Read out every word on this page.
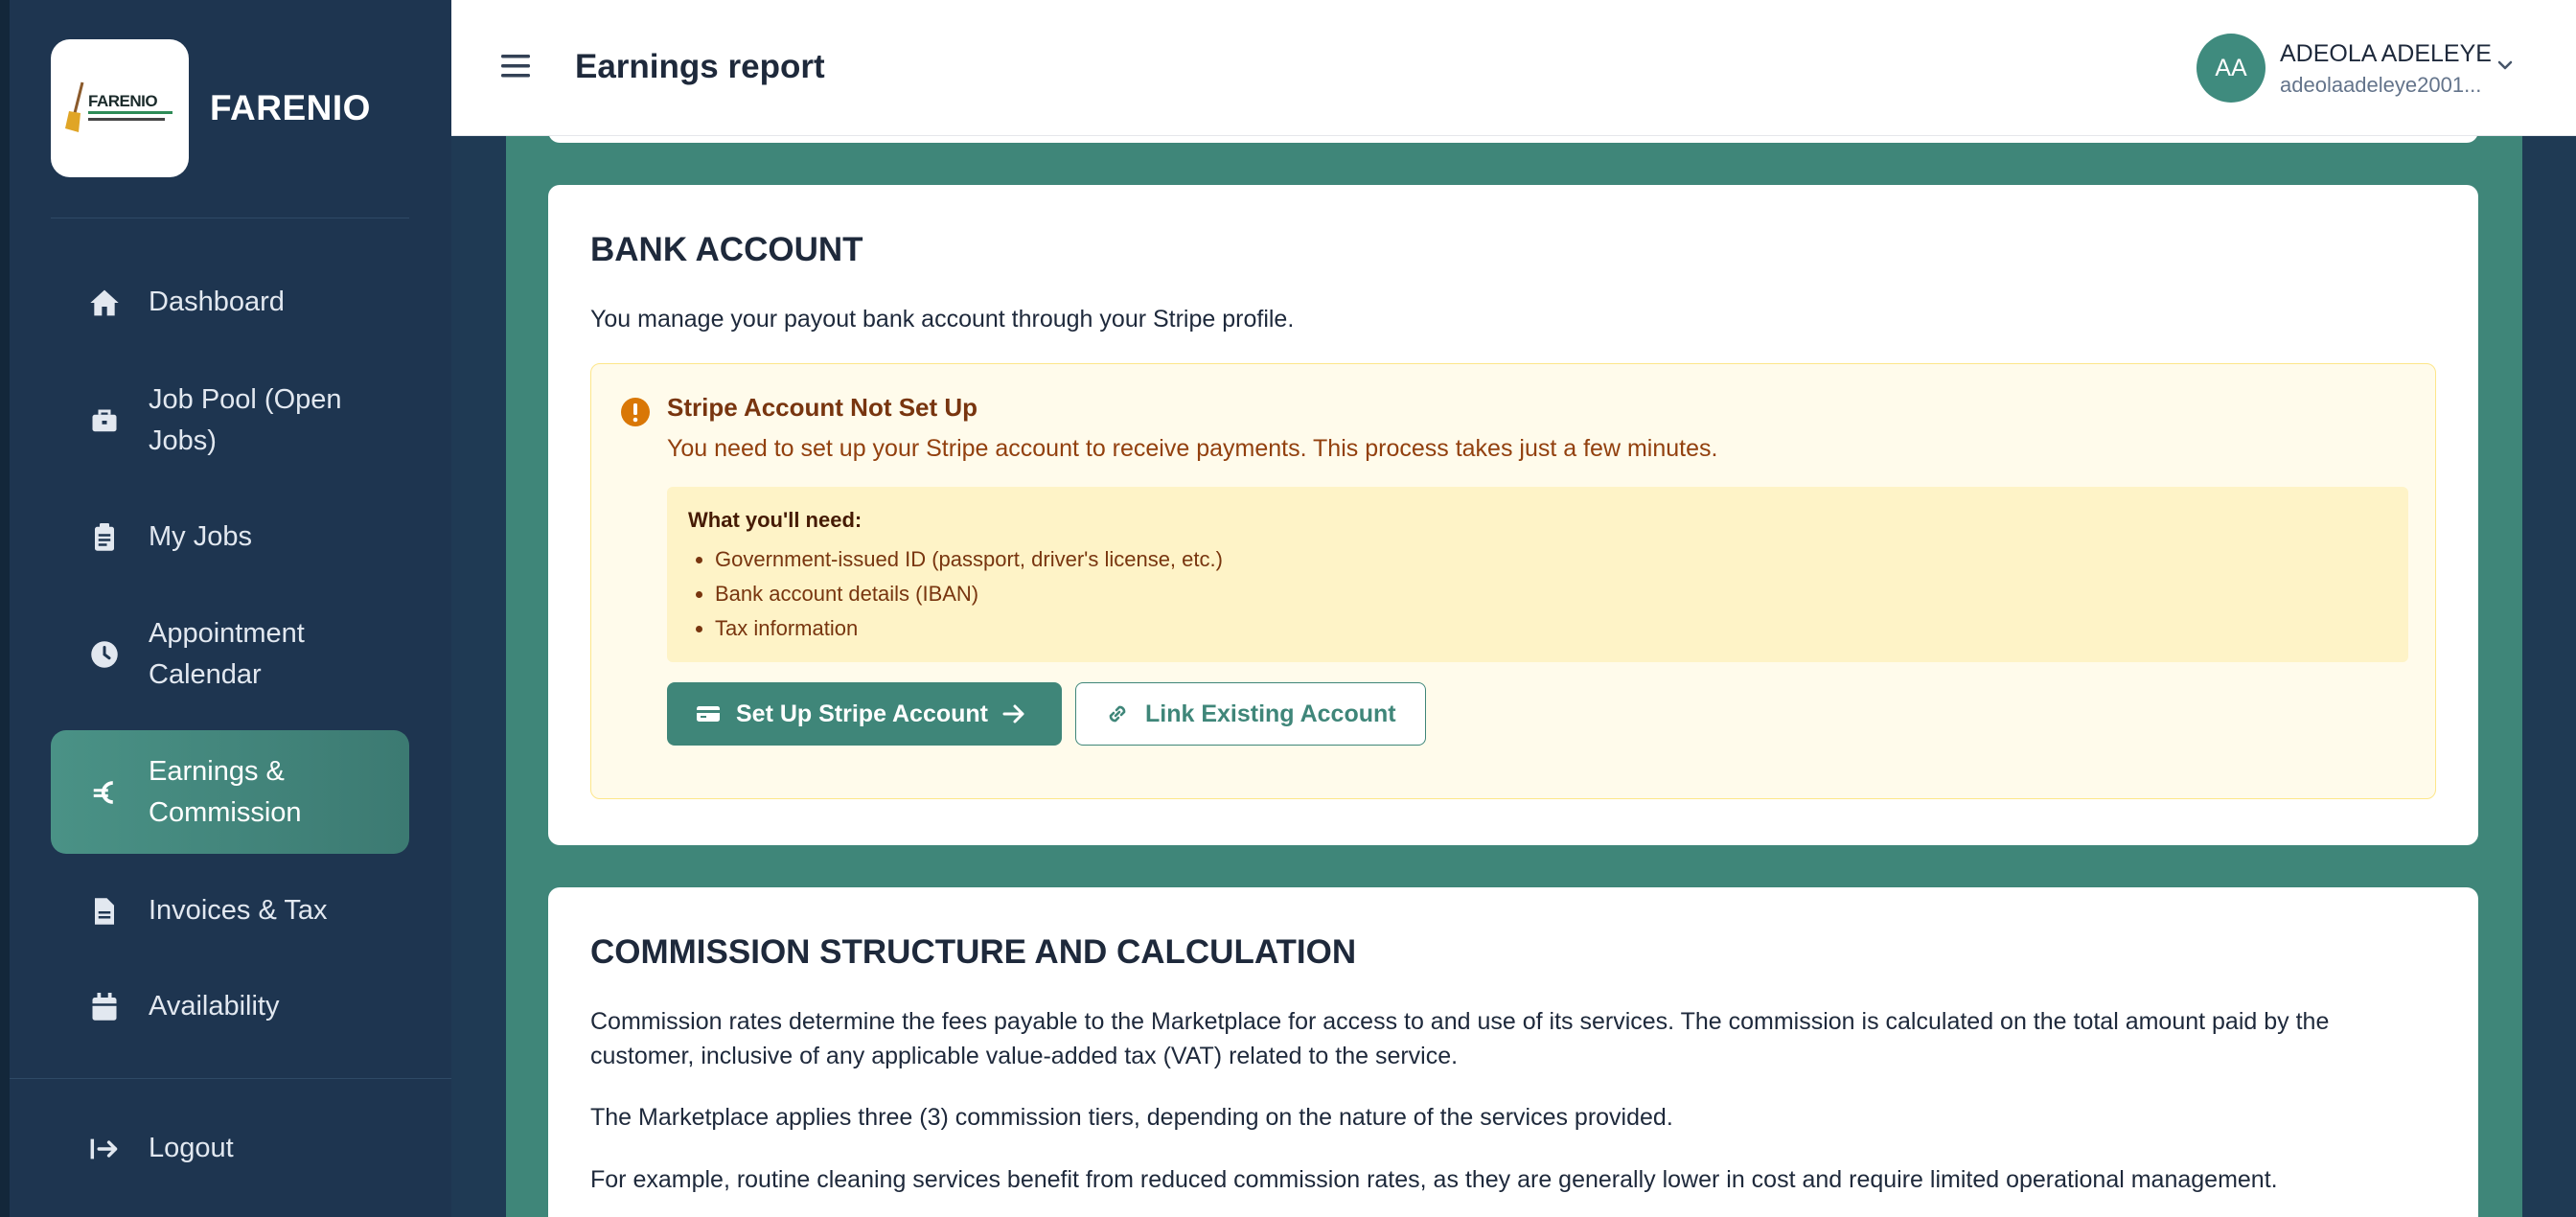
FARENIO FARENIO
Dashboard
Job Pool (Open Jobs)
My Jobs
Appointment Calendar
Earnings & Commission
Invoices & Tax
Availability
Logout
Earnings report	AA
ADEOLA ADELEYE
adeolaadeleye2001...
BANK ACCOUNT

You manage your payout bank account through your Stripe profile.

Stripe Account Not Set Up
You need to set up your Stripe account to receive payments. This process takes just a few minutes.
What you'll need:
• Government-issued ID (passport, driver's license, etc.)
• Bank account details (IBAN)
• Tax information
Set Up Stripe Account	Link Existing Account
COMMISSION STRUCTURE AND CALCULATION

Commission rates determine the fees payable to the Marketplace for access to and use of its services. The commission is calculated on the total amount paid by the customer, inclusive of any applicable value-added tax (VAT) related to the service.

The Marketplace applies three (3) commission tiers, depending on the nature of the services provided.

For example, routine cleaning services benefit from reduced commission rates, as they are generally lower in cost and require limited operational management.
